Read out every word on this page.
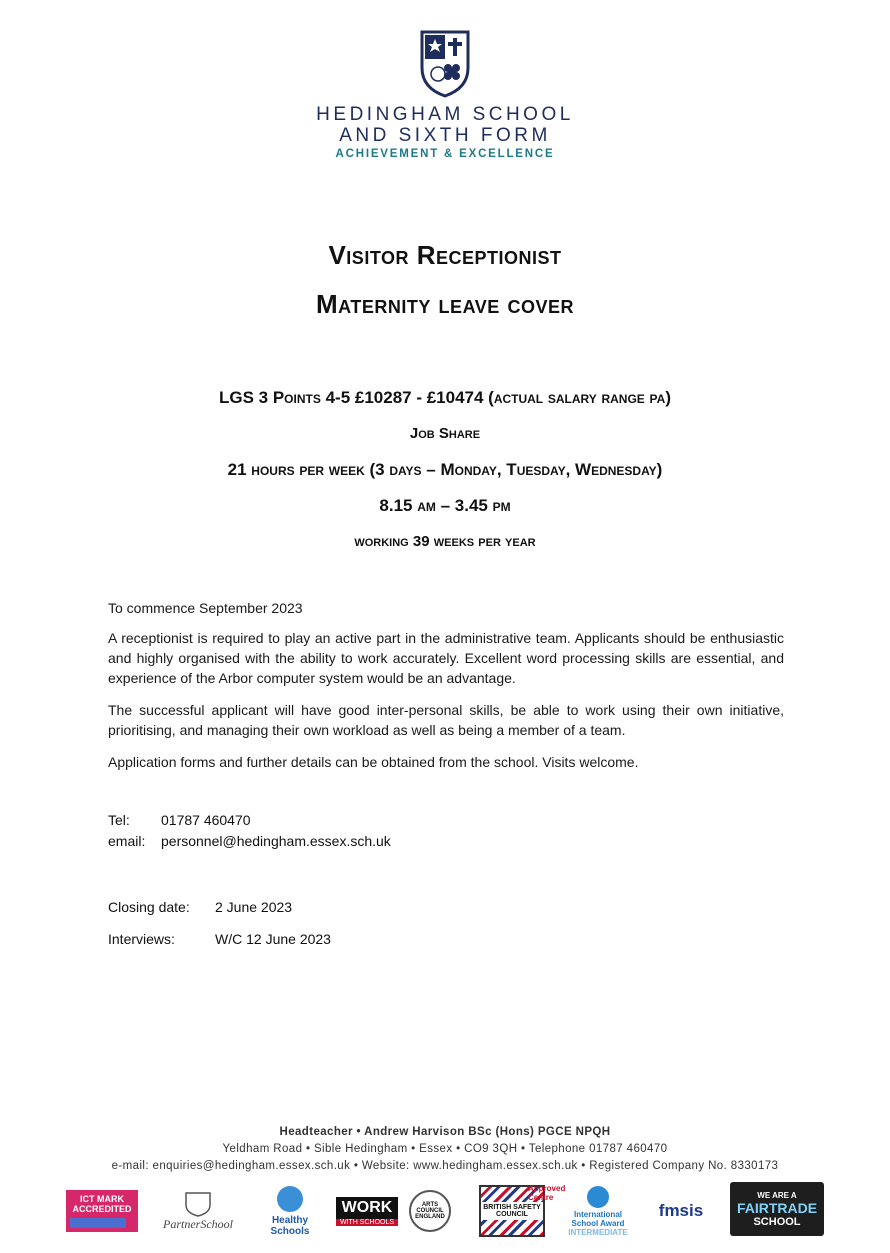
HEDINGHAM SCHOOL
AND SIXTH FORM
ACHIEVEMENT & EXCELLENCE
Visitor Receptionist
Maternity leave cover
LGS 3 Points 4-5 £10287 - £10474 (actual salary range pa)
Job Share
21 hours per week (3 days – Monday, Tuesday, Wednesday)
8.15 am – 3.45 pm
working 39 weeks per year

To commence September 2023

A receptionist is required to play an active part in the administrative team. Applicants should be enthusiastic and highly organised with the ability to work accurately. Excellent word processing skills are essential, and experience of the Arbor computer system would be an advantage.

The successful applicant will have good inter-personal skills, be able to work using their own initiative, prioritising, and managing their own workload as well as being a member of a team.

Application forms and further details can be obtained from the school. Visits welcome.

Tel:	01787 460470
email:	personnel@hedingham.essex.sch.uk
Closing date:	2 June 2023
Interviews:	W/C 12 June 2023
Headteacher • Andrew Harvison BSc (Hons) PGCE NPQH
Yeldham Road • Sible Hedingham • Essex • CO9 3QH • Telephone 01787 460470
e-mail: enquiries@hedingham.essex.sch.uk • Website: www.hedingham.essex.sch.uk • Registered Company No. 8330173
ICT MARK ACCREDITED
PartnerSchool	Healthy Schools
WORK
WITH SCHOOLS
ARTS COUNCIL ENGLAND
BRITISH SAFETY COUNCIL
Approved Centre
International School Award
INTERMEDIATE
fmsis
WE ARE A
FAIRTRADE
SCHOOL
